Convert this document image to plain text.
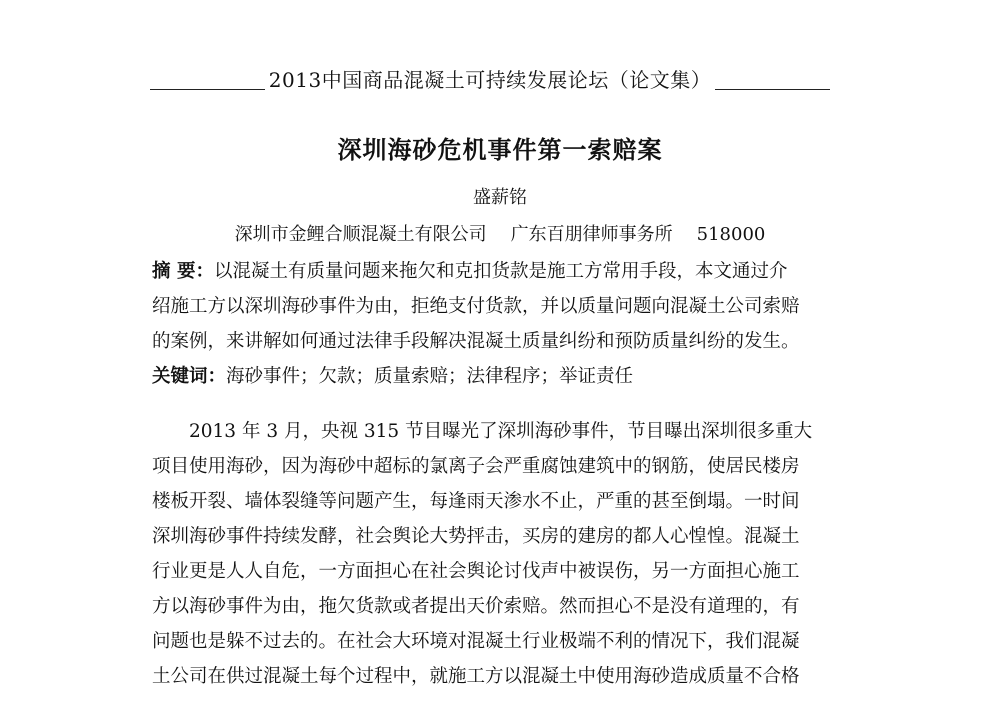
2013中国商品混凝土可持续发展论坛（论文集）
深圳海砂危机事件第一索赔案
盛薪铭
深圳市金鲤合顺混凝土有限公司 广东百朋律师事务所 518000
摘 要：以混凝土有质量问题来拖欠和克扣货款是施工方常用手段，本文通过介
绍施工方以深圳海砂事件为由，拒绝支付货款，并以质量问题向混凝土公司索赔
的案例，来讲解如何通过法律手段解决混凝土质量纠纷和预防质量纠纷的发生。
关键词：海砂事件；欠款；质量索赔；法律程序；举证责任
2013 年 3 月，央视 315 节目曝光了深圳海砂事件，节目曝出深圳很多重大
项目使用海砂，因为海砂中超标的氯离子会严重腐蚀建筑中的钢筋，使居民楼房
楼板开裂、墙体裂缝等问题产生，每逢雨天渗水不止，严重的甚至倒塌。一时间
深圳海砂事件持续发酵，社会舆论大势抨击，买房的建房的都人心惶惶。混凝土
行业更是人人自危，一方面担心在社会舆论讨伐声中被误伤，另一方面担心施工
方以海砂事件为由，拖欠货款或者提出天价索赔。然而担心不是没有道理的，有
问题也是躲不过去的。在社会大环境对混凝土行业极端不利的情况下，我们混凝
土公司在供过混凝土每个过程中，就施工方以混凝土中使用海砂造成质量不合格
